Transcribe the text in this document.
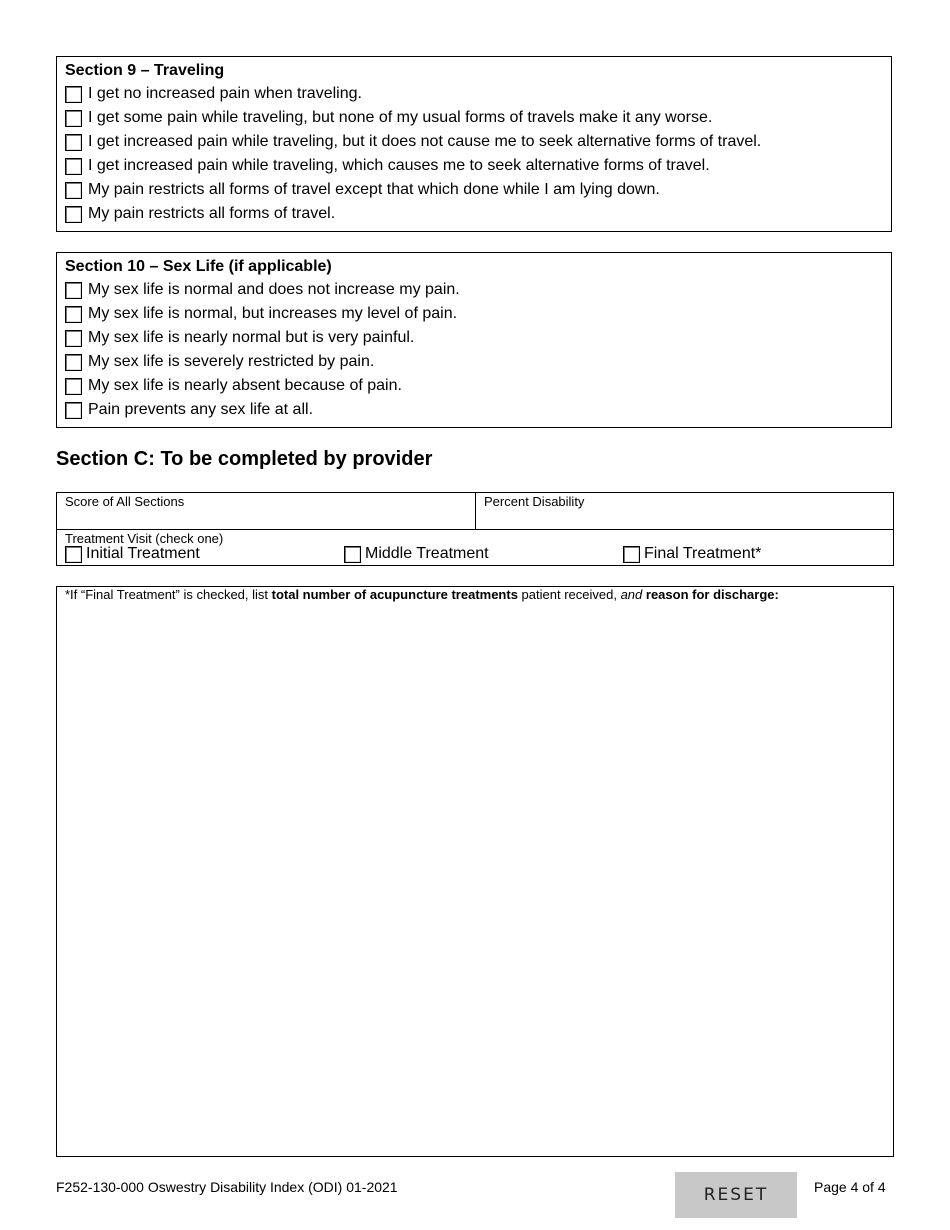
Section 9 – Traveling
I get no increased pain when traveling.
I get some pain while traveling, but none of my usual forms of travels make it any worse.
I get increased pain while traveling, but it does not cause me to seek alternative forms of travel.
I get increased pain while traveling, which causes me to seek alternative forms of travel.
My pain restricts all forms of travel except that which done while I am lying down.
My pain restricts all forms of travel.
Section 10 – Sex Life (if applicable)
My sex life is normal and does not increase my pain.
My sex life is normal, but increases my level of pain.
My sex life is nearly normal but is very painful.
My sex life is severely restricted by pain.
My sex life is nearly absent because of pain.
Pain prevents any sex life at all.
Section C: To be completed by provider
Score of All Sections	Percent Disability
Treatment Visit (check one)
Initial Treatment	Middle Treatment	Final Treatment*
*If “Final Treatment” is checked, list total number of acupuncture treatments patient received, and reason for discharge:
F252-130-000 Oswestry Disability Index (ODI) 01-2021	RESET	Page 4 of 4
